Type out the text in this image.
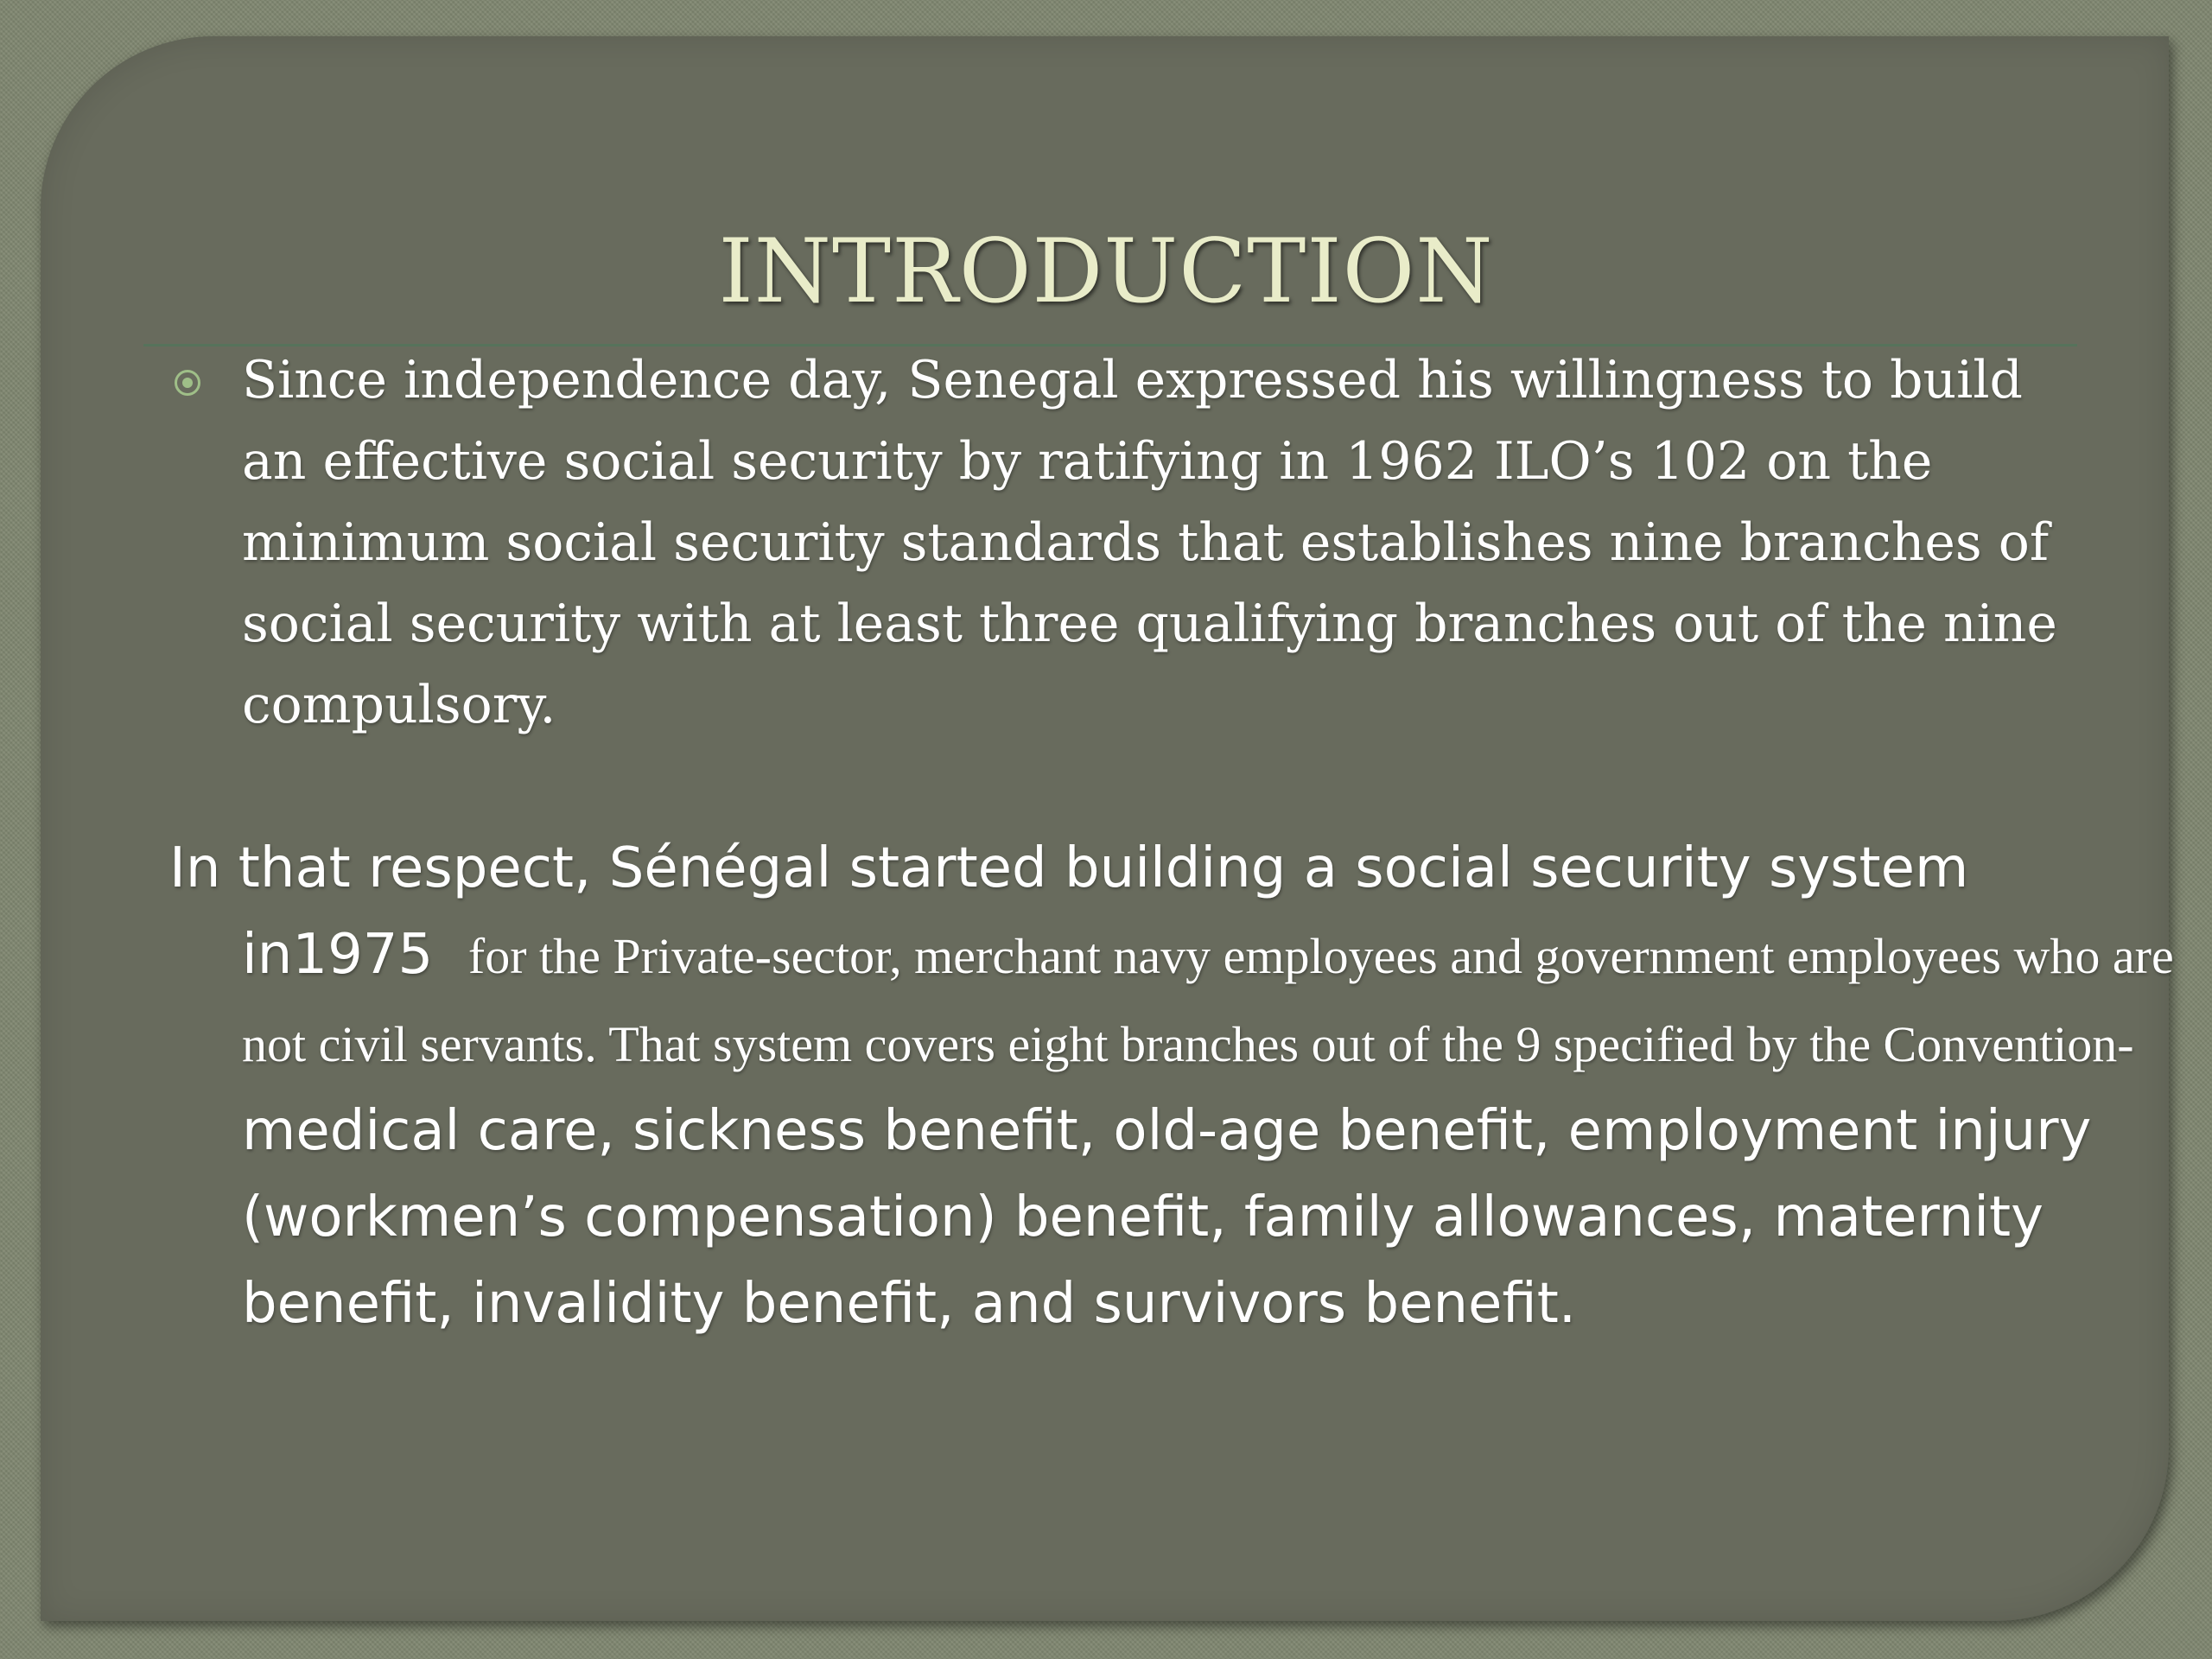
INTRODUCTION

Since independence day, Senegal expressed his willingness to build an effective social security by ratifying in 1962 ILO’s 102 on the minimum social security standards that establishes nine branches of social security with at least three qualifying branches out of the nine compulsory.

In that respect, Sénégal started building a social security system in1975 for the Private-sector, merchant navy employees and government employees who are not civil servants. That system covers eight branches out of the 9 specified by the Convention- medical care, sickness benefit, old-age benefit, employment injury (workmen’s compensation) benefit, family allowances, maternity benefit, invalidity benefit, and survivors benefit.
